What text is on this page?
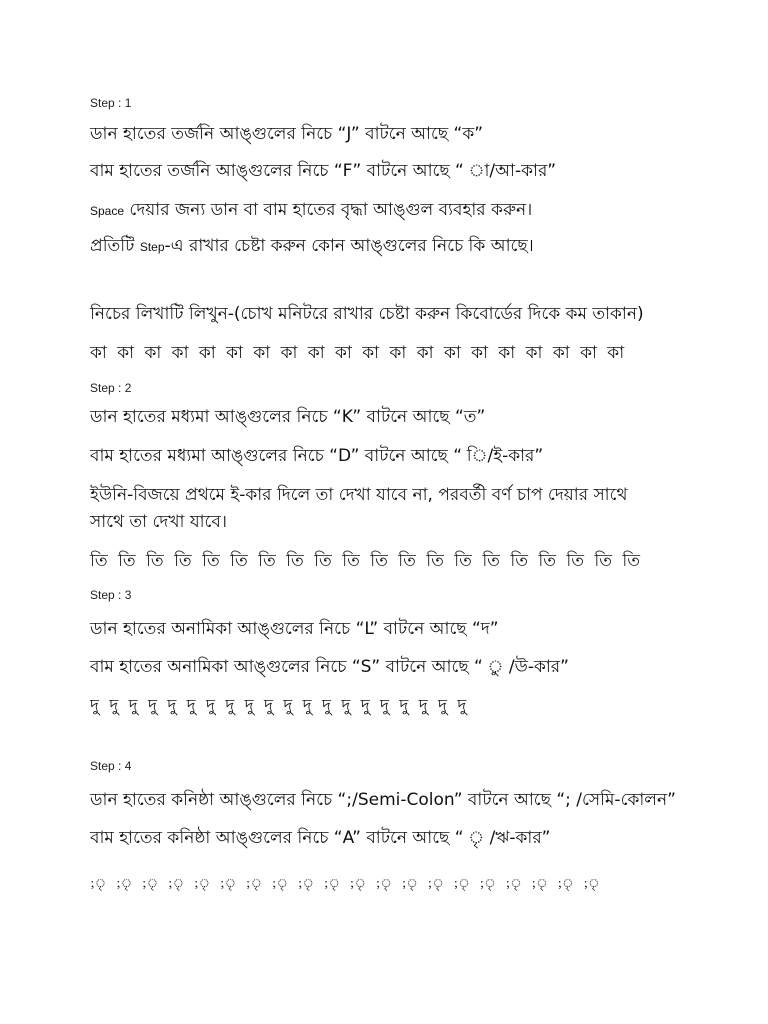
Step : 1
ডান হাতের তর্জনি আঙ্গুলের নিচে “J” বাটনে আছে “ক”
বাম হাতের তর্জনি আঙ্গুলের নিচে “F” বাটনে আছে “ া/আ-কার”
Space দেয়ার জন্য ডান বা বাম হাতের বৃদ্ধা আঙ্গুল ব্যবহার করুন।
প্রতিটি Step-এ রাখার চেষ্টা করুন কোন আঙ্গুলের নিচে কি আছে।
নিচের লিখাটি লিখুন-(চোখ মনিটরে রাখার চেষ্টা করুন কিবোর্ডের দিকে কম তাকান)
কা কা কা কা কা কা কা কা কা কা কা কা কা কা কা কা কা কা কা কা
Step : 2
ডান হাতের মধ্যমা আঙ্গুলের নিচে “K” বাটনে আছে “ত”
বাম হাতের মধ্যমা আঙ্গুলের নিচে “D” বাটনে আছে “ ি/ই-কার”
ইউনি-বিজয়ে প্রথমে ই-কার দিলে তা দেখা যাবে না, পরবর্তী বর্ণ চাপ দেয়ার সাথে
সাথে তা দেখা যাবে।
তি তি তি তি তি তি তি তি তি তি তি তি তি তি তি তি তি তি তি তি
Step : 3
ডান হাতের অনামিকা আঙ্গুলের নিচে “L” বাটনে আছে “দ”
বাম হাতের অনামিকা আঙ্গুলের নিচে “S” বাটনে আছে “ ু /উ-কার”
দু দু দু দু দু দু দু দু দু দু দু দু দু দু দু দু দু দু দু দু
Step : 4
ডান হাতের কনিষ্ঠা আঙ্গুলের নিচে “;/Semi-Colon” বাটনে আছে “; /সেমি-কোলন”
বাম হাতের কনিষ্ঠা আঙ্গুলের নিচে “A” বাটনে আছে “ ৃ /ঋ-কার”
;ৃ ;ৃ ;ৃ ;ৃ ;ৃ ;ৃ ;ৃ ;ৃ ;ৃ ;ৃ ;ৃ ;ৃ ;ৃ ;ৃ ;ৃ ;ৃ ;ৃ ;ৃ ;ৃ ;ৃ
